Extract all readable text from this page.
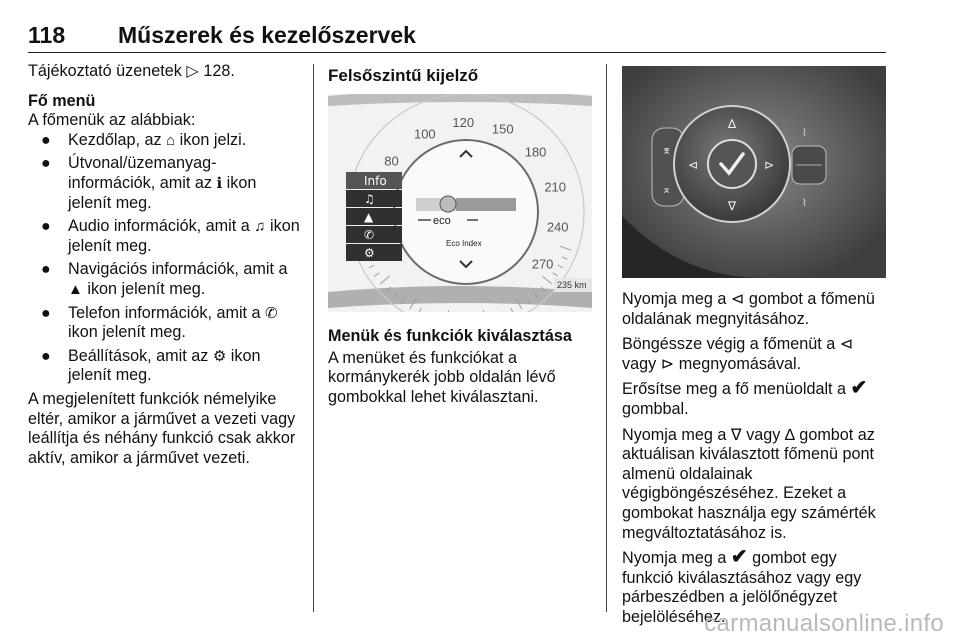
118 Műszerek és kezelőszervek

Tájékoztató üzenetek ▷ 128.

Fő menü
A főmenük az alábbiak:

● Kezdőlap, az ⌂ ikon jelzi.
● Útvonal/üzemanyag-információk, amit az ℹ ikon jelenít meg.
● Audio információk, amit a ♫ ikon jelenít meg.
● Navigációs információk, amit a ▲ ikon jelenít meg.
● Telefon információk, amit a ✆ ikon jelenít meg.
● Beállítások, amit az ⚙ ikon jelenít meg.

A megjelenített funkciók némelyike eltér, amikor a járművet a vezeti vagy leállítja és néhány funkció csak akkor aktív, amikor a járművet vezeti.

Felsőszintű kijelző
80
100
120 150
180
210
240
270
eco
Eco Index
Info
♫
▲
✆
⚙
235 km
Menük és funkciók kiválasztása
A menüket és funkciókat a kormánykerék jobb oldalán lévő gombokkal lehet kiválasztani.
⌆
⌅
∆
∇
⊲	⊳
⌇
⌇

Nyomja meg a ⊲ gombot a főmenü oldalának megnyitásához.

Böngéssze végig a főmenüt a ⊲ vagy ⊳ megnyomásával.

Erősítse meg a fő menüoldalt a ✔ gombbal.

Nyomja meg a ∇ vagy ∆ gombot az aktuálisan kiválasztott főmenü pont almenü oldalainak végigböngészéséhez. Ezeket a gombokat használja egy számérték megváltoztatásához is.

Nyomja meg a ✔ gombot egy funkció kiválasztásához vagy egy párbeszédben a jelölőnégyzet bejelöléséhez.

carmanualsonline.info
